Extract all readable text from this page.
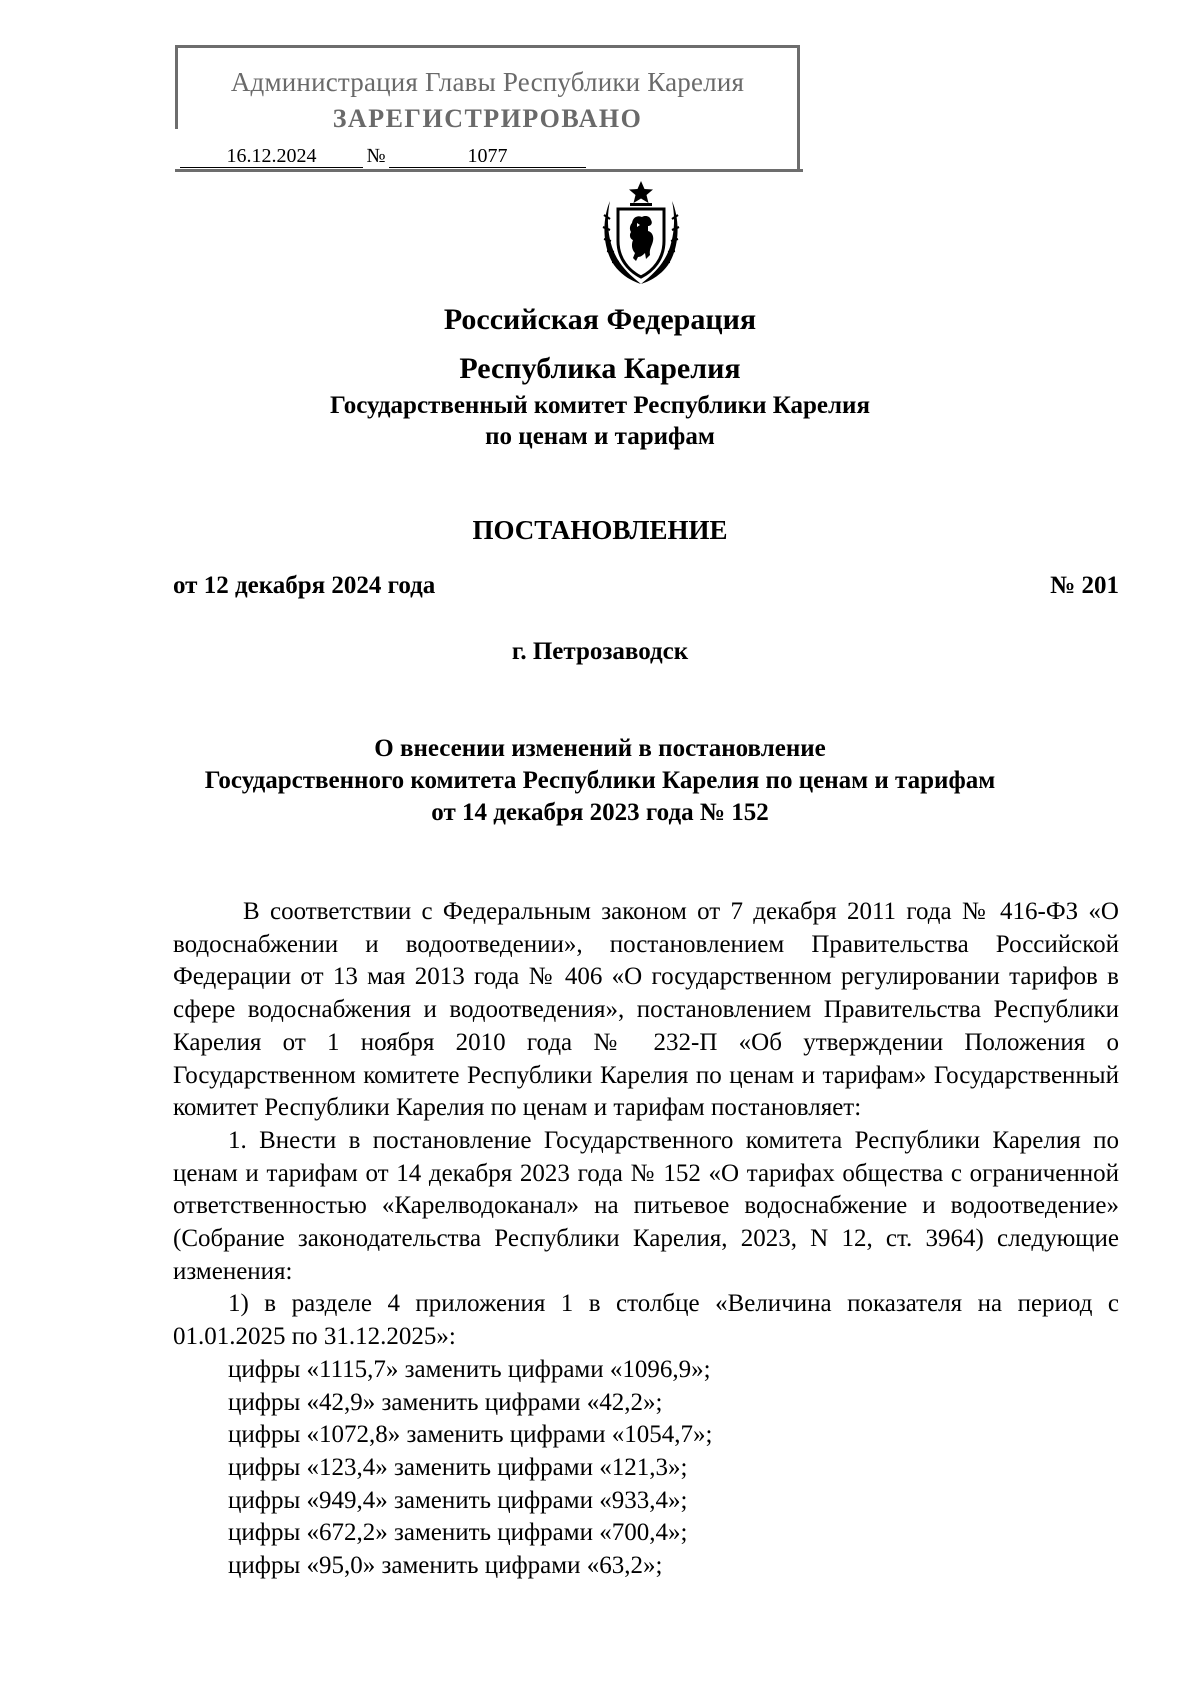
Администрация Главы Республики Карелия
ЗАРЕГИСТРИРОВАНО
16.12.2024 №	1077
Российская Федерация
Республика Карелия
Государственный комитет Республики Карелия
по ценам и тарифам
ПОСТАНОВЛЕНИЕ
от 12 декабря 2024 года	№ 201
г. Петрозаводск
О внесении изменений в постановление
Государственного комитета Республики Карелия по ценам и тарифам
от 14 декабря 2023 года № 152

В соответствии с Федеральным законом от 7 декабря 2011 года № 416-ФЗ «О водоснабжении и водоотведении», постановлением Правительства Российской Федерации от 13 мая 2013 года № 406 «О государственном регулировании тарифов в сфере водоснабжения и водоотведения», постановлением Правительства Республики Карелия от 1 ноября 2010 года № 232-П «Об утверждении Положения о Государственном комитете Республики Карелия по ценам и тарифам» Государственный комитет Республики Карелия по ценам и тарифам постановляет:

1. Внести в постановление Государственного комитета Республики Карелия по ценам и тарифам от 14 декабря 2023 года № 152 «О тарифах общества с ограниченной ответственностью «Карелводоканал» на питьевое водоснабжение и водоотведение» (Собрание законодательства Республики Карелия, 2023, N 12, ст. 3964) следующие изменения:

1) в разделе 4 приложения 1 в столбце «Величина показателя на период с 01.01.2025 по 31.12.2025»:

цифры «1115,7» заменить цифрами «1096,9»;

цифры «42,9» заменить цифрами «42,2»;

цифры «1072,8» заменить цифрами «1054,7»;

цифры «123,4» заменить цифрами «121,3»;

цифры «949,4» заменить цифрами «933,4»;

цифры «672,2» заменить цифрами «700,4»;

цифры «95,0» заменить цифрами «63,2»;
